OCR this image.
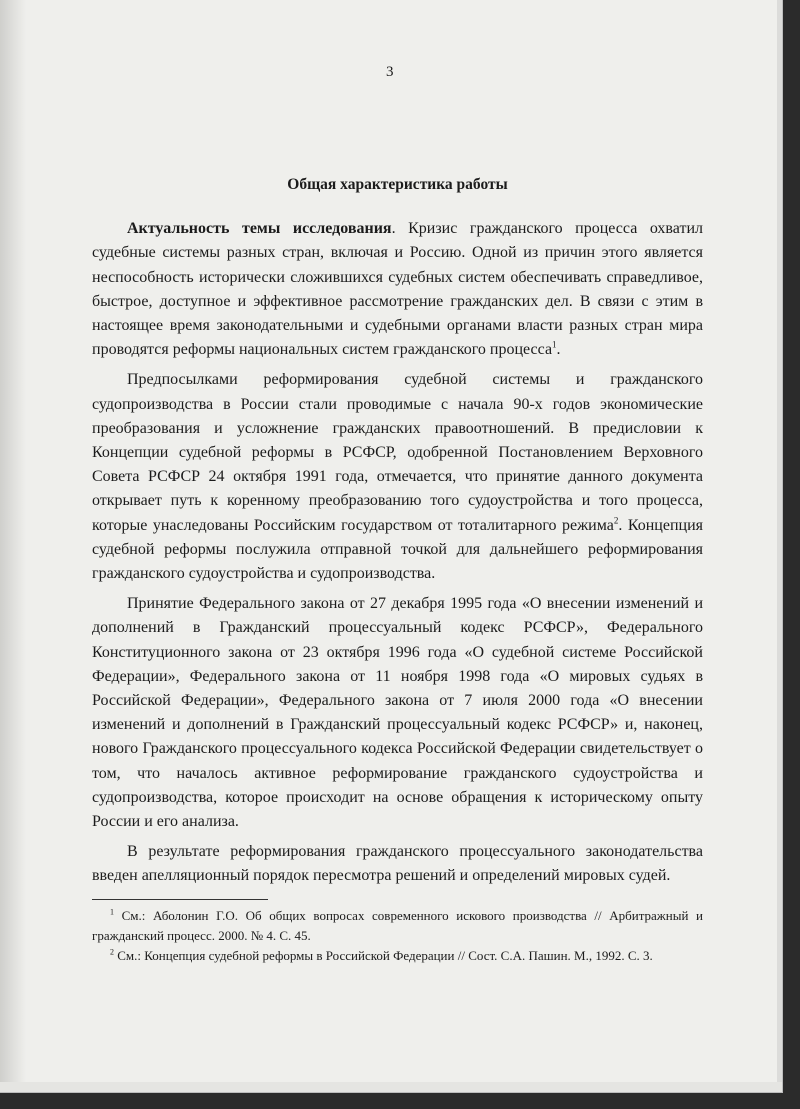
3

Общая характеристика работы

Актуальность темы исследования. Кризис гражданского процесса охватил судебные системы разных стран, включая и Россию. Одной из причин этого является неспособность исторически сложившихся судебных систем обеспечивать справедливое, быстрое, доступное и эффективное рассмотрение гражданских дел. В связи с этим в настоящее время законодательными и судебными органами власти разных стран мира проводятся реформы национальных систем гражданского процесса$^1$.

Предпосылками реформирования судебной системы и гражданского судопроизводства в России стали проводимые с начала 90-х годов экономические преобразования и усложнение гражданских правоотношений. В предисловии к Концепции судебной реформы в РСФСР, одобренной Постановлением Верховного Совета РСФСР 24 октября 1991 года, отмечается, что принятие данного документа открывает путь к коренному преобразованию того судоустройства и того процесса, которые унаследованы Российским государством от тоталитарного режима$^2$. Концепция судебной реформы послужила отправной точкой для дальнейшего реформирования гражданского судоустройства и судопроизводства.

Принятие Федерального закона от 27 декабря 1995 года «О внесении изменений и дополнений в Гражданский процессуальный кодекс РСФСР», Федерального Конституционного закона от 23 октября 1996 года «О судебной системе Российской Федерации», Федерального закона от 11 ноября 1998 года «О мировых судьях в Российской Федерации», Федерального закона от 7 июля 2000 года «О внесении изменений и дополнений в Гражданский процессуальный кодекс РСФСР» и, наконец, нового Гражданского процессуального кодекса Российской Федерации свидетельствует о том, что началось активное реформирование гражданского судоустройства и судопроизводства, которое происходит на основе обращения к историческому опыту России и его анализа.

В результате реформирования гражданского процессуального законодательства введен апелляционный порядок пересмотра решений и определений мировых судей.

$^1$ См.: Аболонин Г.О. Об общих вопросах современного искового производства // Арбитражный и гражданский процесс. 2000. № 4. С. 45.

$^2$ См.: Концепция судебной реформы в Российской Федерации // Сост. С.А. Пашин. М., 1992. С. 3.
